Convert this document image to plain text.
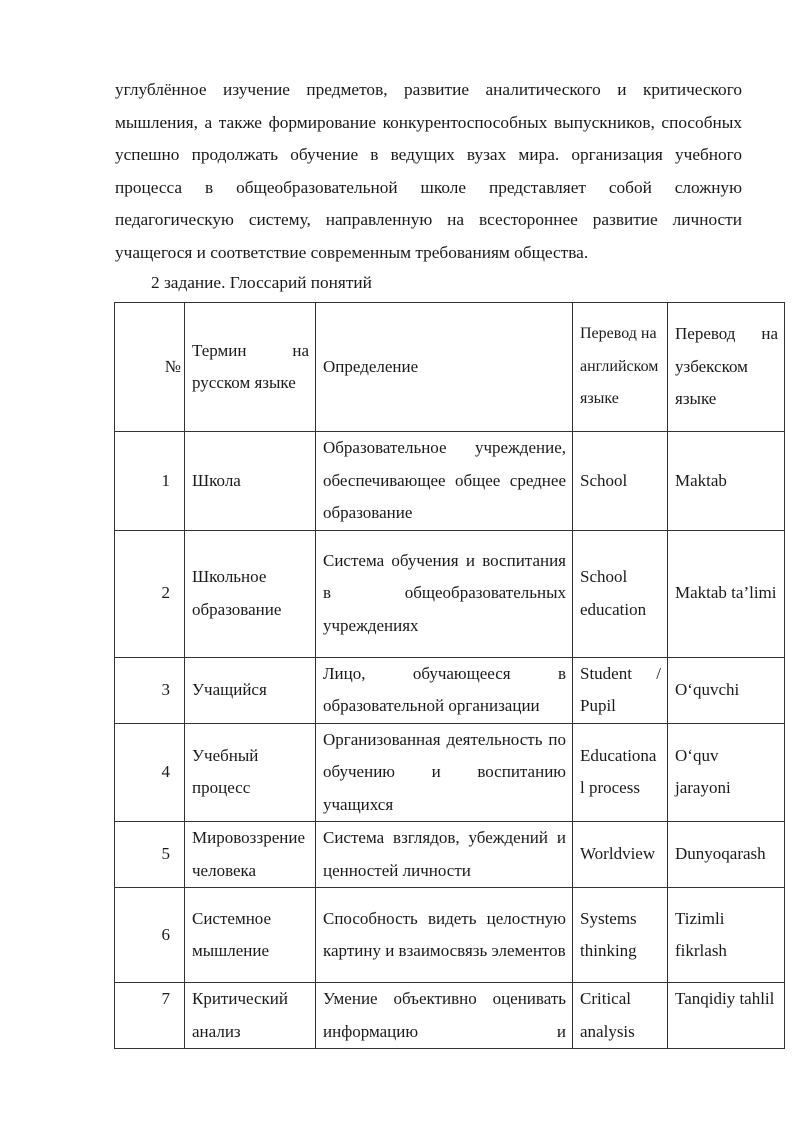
углублённое изучение предметов, развитие аналитического и критического мышления, а также формирование конкурентоспособных выпускников, способных успешно продолжать обучение в ведущих вузах мира. организация учебного процесса в общеобразовательной школе представляет собой сложную педагогическую систему, направленную на всестороннее развитие личности учащегося и соответствие современным требованиям общества.

2 задание. Глоссарий понятий

№	Термин на русском языке	Определение	Перевод на английском языке	Перевод на узбекском языке
1	Школа	Образовательное учреждение, обеспечивающее общее среднее образование	School	Maktab
2	Школьное образование	Система обучения и воспитания в общеобразовательных учреждениях	School education	Maktab ta’limi
3	Учащийся	Лицо, обучающееся в образовательной организации	Student / Pupil	O‘quvchi
4	Учебный процесс	Организованная деятельность по обучению и воспитанию учащихся	Educational process	O‘quv jarayoni
5	Мировоззрение человека	Система взглядов, убеждений и ценностей личности	Worldview	Dunyoqarash
6	Системное мышление	Способность видеть целостную картину и взаимосвязь элементов	Systems thinking	Tizimli fikrlash
7	Критический анализ	Умение объективно оценивать информацию и	Critical analysis	Tanqidiy tahlil
